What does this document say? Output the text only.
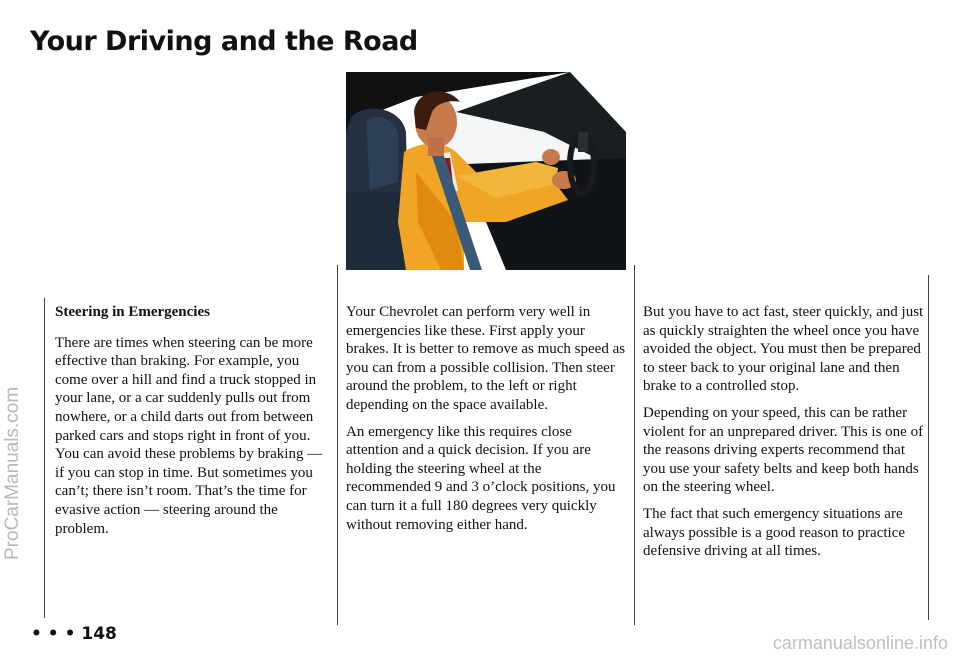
Your Driving and the Road
Steering in Emergencies

There are times when steering can be more effective than braking. For example, you come over a hill and find a truck stopped in your lane, or a car suddenly pulls out from nowhere, or a child darts out from between parked cars and stops right in front of you. You can avoid these problems by braking — if you can stop in time. But sometimes you can’t; there isn’t room. That’s the time for evasive action — steering around the problem.

Your Chevrolet can perform very well in emergencies like these. First apply your brakes. It is better to remove as much speed as you can from a possible collision. Then steer around the problem, to the left or right depending on the space available.

An emergency like this requires close attention and a quick decision. If you are holding the steering wheel at the recommended 9 and 3 o’clock positions, you can turn it a full 180 degrees very quickly without removing either hand.

But you have to act fast, steer quickly, and just as quickly straighten the wheel once you have avoided the object. You must then be prepared to steer back to your original lane and then brake to a controlled stop.

Depending on your speed, this can be rather violent for an unprepared driver. This is one of the reasons driving experts recommend that you use your safety belts and keep both hands on the steering wheel.

The fact that such emergency situations are always possible is a good reason to practice defensive driving at all times.

• • • 148
ProCarManuals.com
carmanualsonline.info
